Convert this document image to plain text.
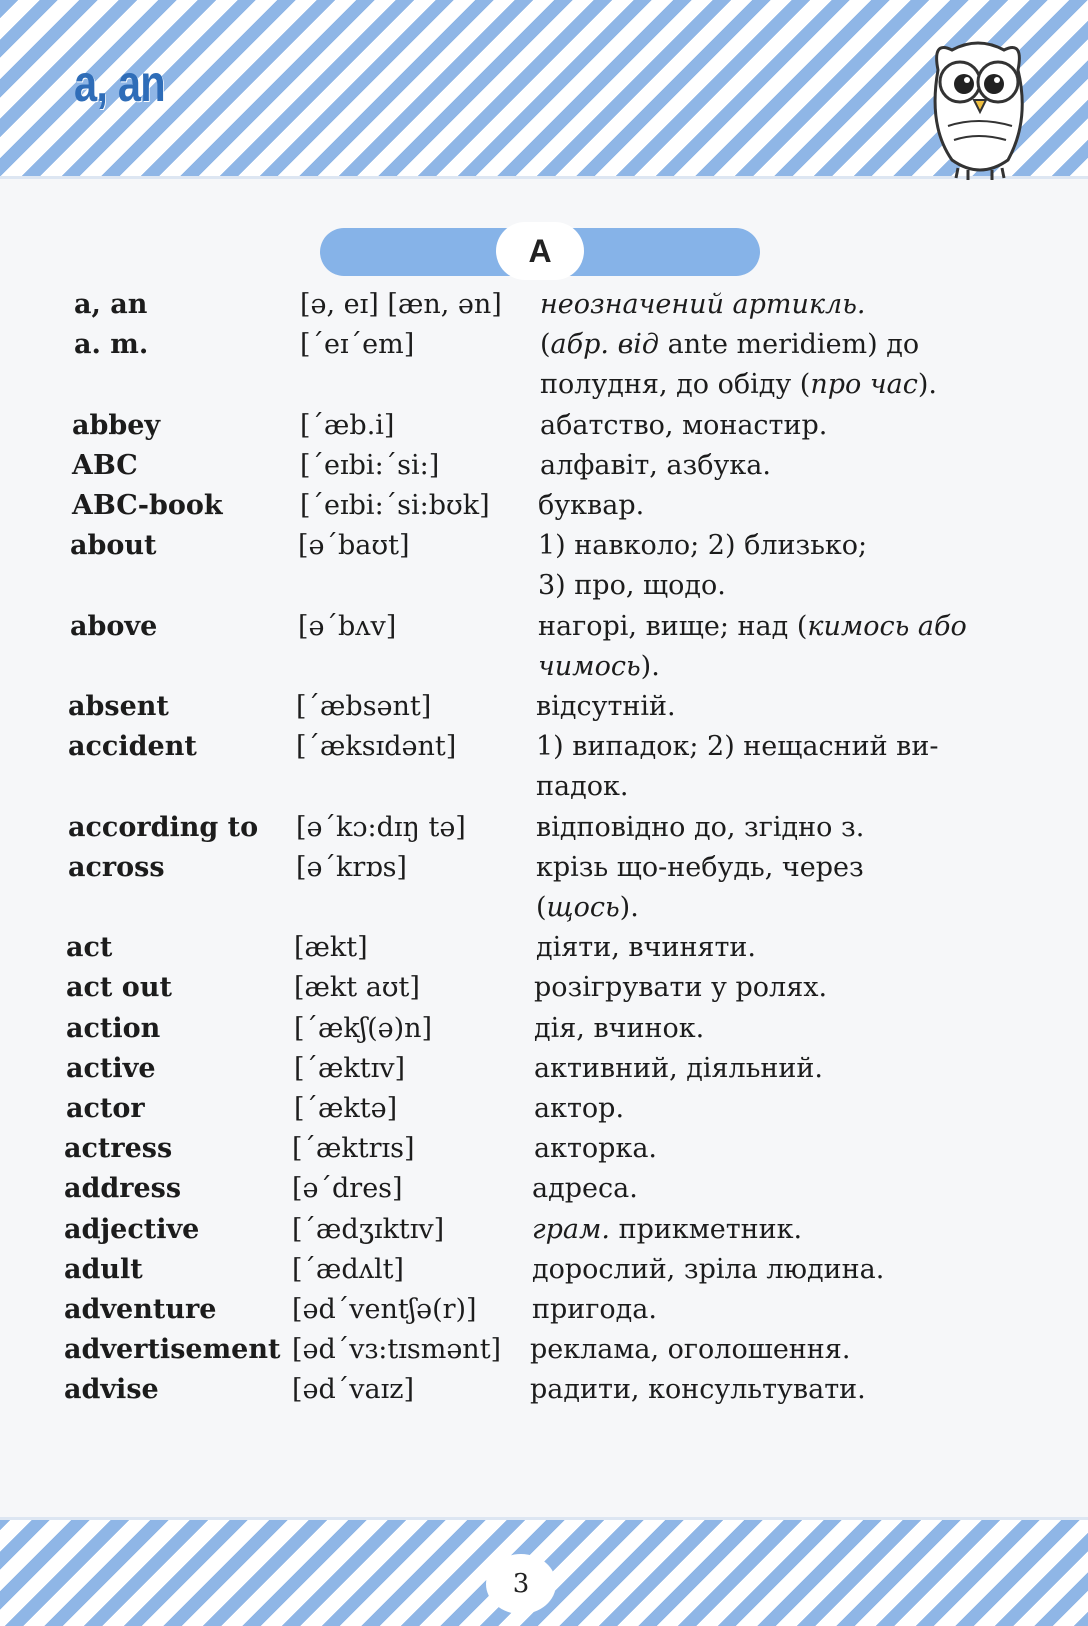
a, an
A
a, an	[ə, eɪ] [æn, ən] неозначений артикль.
a. m.	[΄eɪ΄em]	(абр. від ante meridiem) до
полудня, до обіду (про час).
abbey	[΄æb.i]	абатство, монастир.
ABC	[΄eɪbi:΄si:]	алфавіт, азбука.
ABC-book	[΄eɪbi:΄si:bʊk] буквар.
about	[ə΄baʊt]	1) навколо; 2) близько;
3) про, щодо.
above	[ə΄bʌv]	нагорі, вище; над (кимось або
чимось).
absent	[΄æbsənt]	відсутній.
accident	[΄æksɪdənt]	1) випадок; 2) нещасний ви-
падок.
according to [ə΄kɔ:dɪŋ tə]	відповідно до, згідно з.
across	[ə΄krɒs]	крізь що-небудь, через
(щось).
act	[ækt]	діяти, вчиняти.
act out	[ækt aʊt]	розігрувати у ролях.
action	[΄ækʃ(ə)n]	дія, вчинок.
active	[΄æktɪv]	активний, діяльний.
actor	[΄æktə]	актор.
actress	[΄æktrɪs]	акторка.
address	[ə΄dres]	адреса.
adjective	[΄ædʒɪktɪv]	грам. прикметник.
adult	[΄ædʌlt]	дорослий, зріла людина.
adventure	[əd΄ventʃə(r)] пригода.
advertisement [əd΄vɜ:tɪsmənt] реклама, оголошення.
advise	[əd΄vaɪz]	радити, консультувати.
3
